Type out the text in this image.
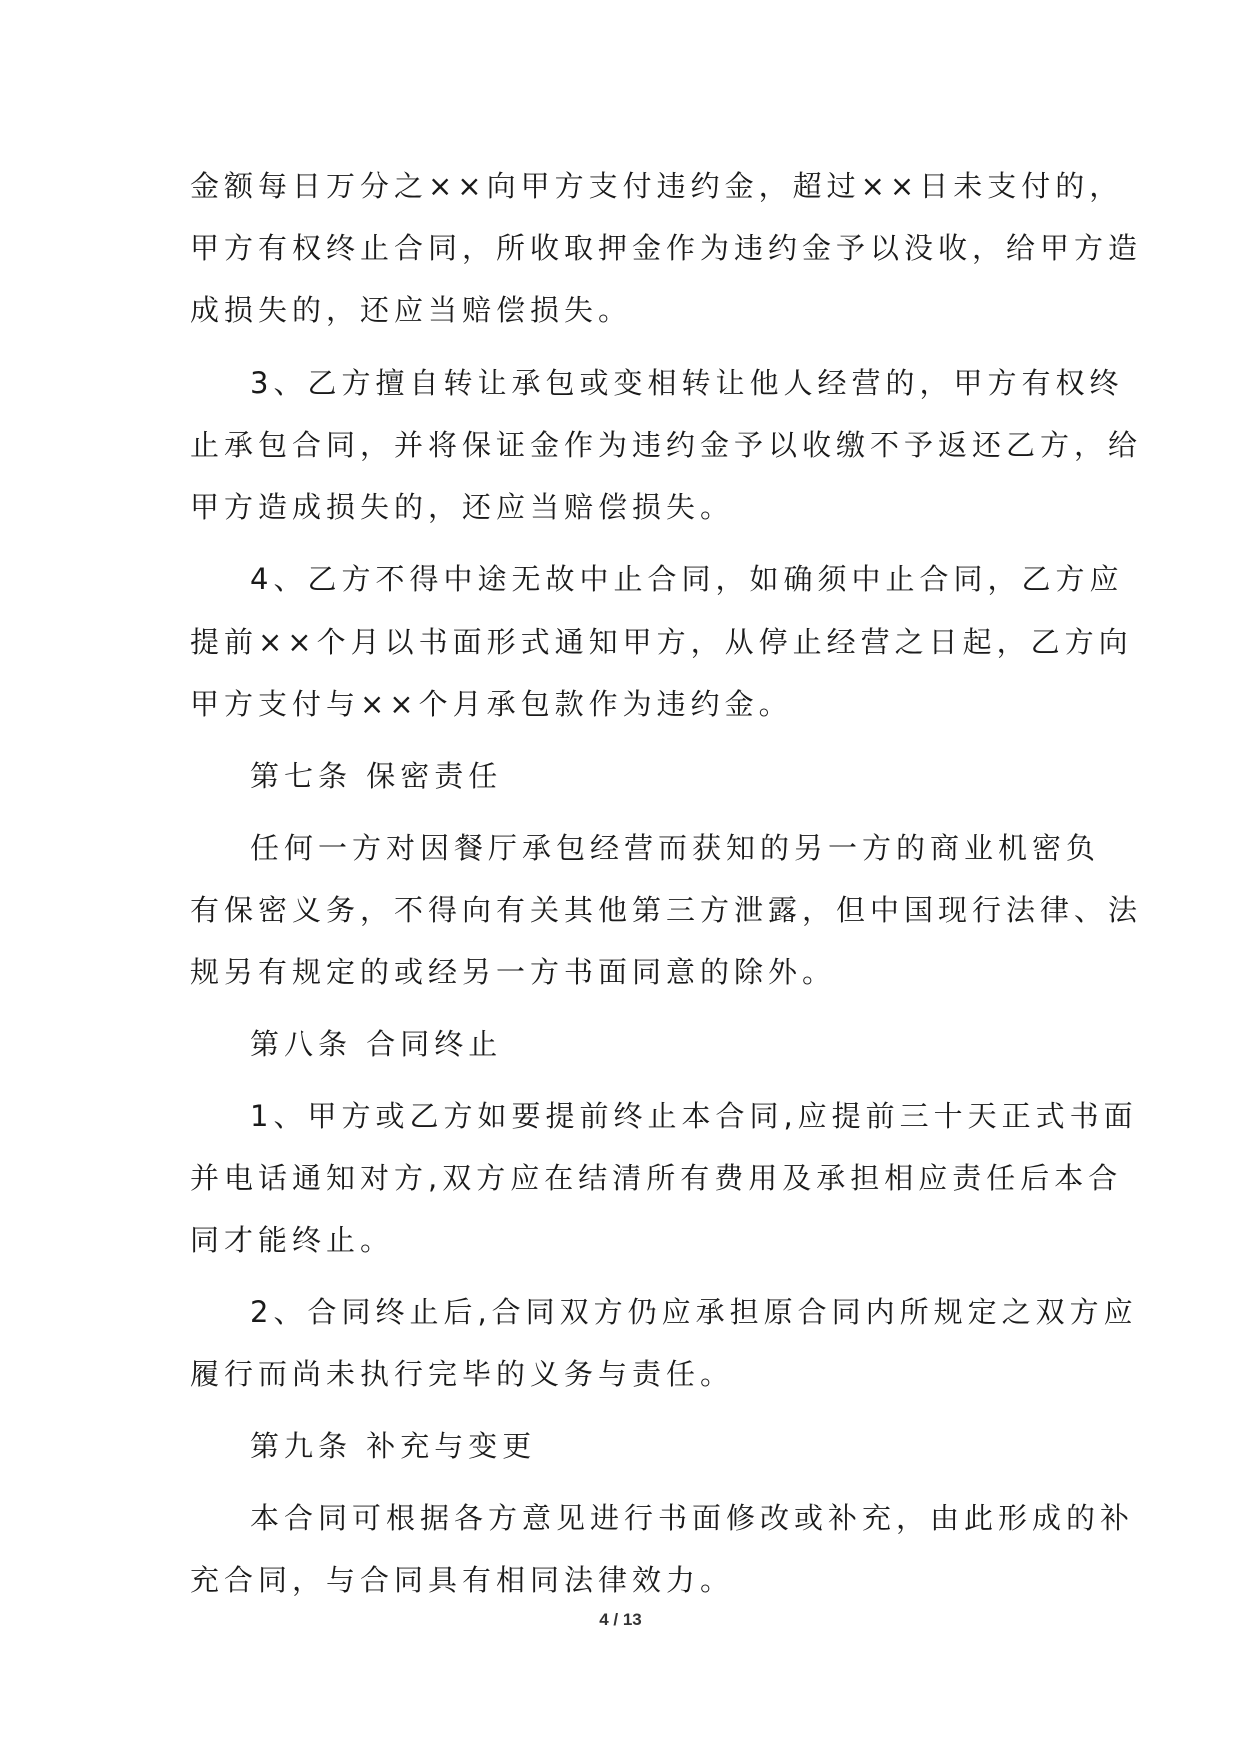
金额每日万分之××向甲方支付违约金，超过××日未支付的，
甲方有权终止合同，所收取押金作为违约金予以没收，给甲方造
成损失的，还应当赔偿损失。
3、乙方擅自转让承包或变相转让他人经营的，甲方有权终
止承包合同，并将保证金作为违约金予以收缴不予返还乙方，给
甲方造成损失的，还应当赔偿损失。
4、乙方不得中途无故中止合同，如确须中止合同，乙方应
提前××个月以书面形式通知甲方，从停止经营之日起，乙方向
甲方支付与××个月承包款作为违约金。
第七条 保密责任
任何一方对因餐厅承包经营而获知的另一方的商业机密负
有保密义务，不得向有关其他第三方泄露，但中国现行法律、法
规另有规定的或经另一方书面同意的除外。
第八条 合同终止
1、甲方或乙方如要提前终止本合同,应提前三十天正式书面
并电话通知对方,双方应在结清所有费用及承担相应责任后本合
同才能终止。
2、合同终止后,合同双方仍应承担原合同内所规定之双方应
履行而尚未执行完毕的义务与责任。
第九条 补充与变更
本合同可根据各方意见进行书面修改或补充，由此形成的补
充合同，与合同具有相同法律效力。
4 / 13
